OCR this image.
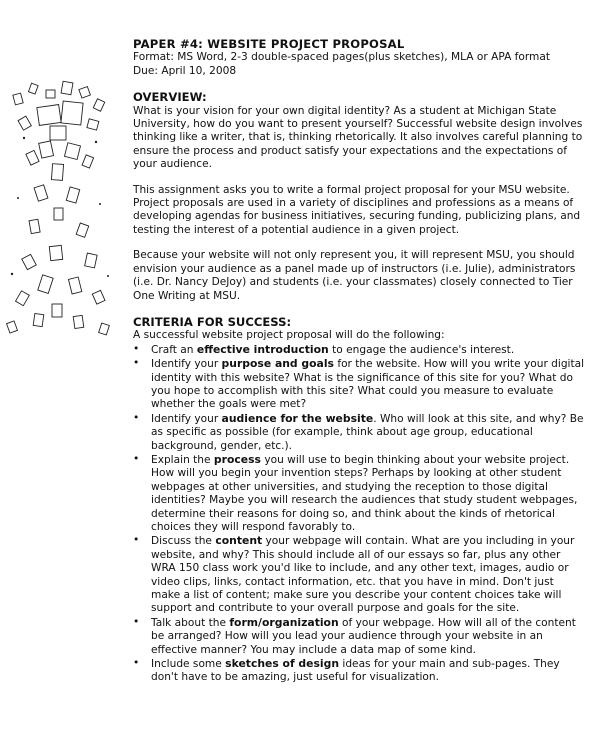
PAPER #4: WEBSITE PROJECT PROPOSAL

Format: MS Word, 2-3 double-spaced pages(plus sketches), MLA or APA format

Due: April 10, 2008

OVERVIEW:

What is your vision for your own digital identity? As a student at Michigan State University, how do you want to present yourself? Successful website design involves thinking like a writer, that is, thinking rhetorically. It also involves careful planning to ensure the process and product satisfy your expectations and the expectations of your audience.

This assignment asks you to write a formal project proposal for your MSU website. Project proposals are used in a variety of disciplines and professions as a means of developing agendas for business initiatives, securing funding, publicizing plans, and testing the interest of a potential audience in a given project.

Because your website will not only represent you, it will represent MSU, you should envision your audience as a panel made up of instructors (i.e. Julie), administrators (i.e. Dr. Nancy DeJoy) and students (i.e. your classmates) closely connected to Tier One Writing at MSU.

CRITERIA FOR SUCCESS:

A successful website project proposal will do the following:

• Craft an effective introduction to engage the audience's interest.
• Identify your purpose and goals for the website. How will you write your digital identity with this website? What is the significance of this site for you? What do you hope to accomplish with this site? What could you measure to evaluate whether the goals were met?
• Identify your audience for the website. Who will look at this site, and why? Be as specific as possible (for example, think about age group, educational background, gender, etc.).
• Explain the process you will use to begin thinking about your website project. How will you begin your invention steps? Perhaps by looking at other student webpages at other universities, and studying the reception to those digital identities? Maybe you will research the audiences that study student webpages, determine their reasons for doing so, and think about the kinds of rhetorical choices they will respond favorably to.
• Discuss the content your webpage will contain. What are you including in your website, and why? This should include all of our essays so far, plus any other WRA 150 class work you'd like to include, and any other text, images, audio or video clips, links, contact information, etc. that you have in mind. Don't just make a list of content; make sure you describe your content choices take will support and contribute to your overall purpose and goals for the site.
• Talk about the form/organization of your webpage. How will all of the content be arranged? How will you lead your audience through your website in an effective manner? You may include a data map of some kind.
• Include some sketches of design ideas for your main and sub-pages. They don't have to be amazing, just useful for visualization.
